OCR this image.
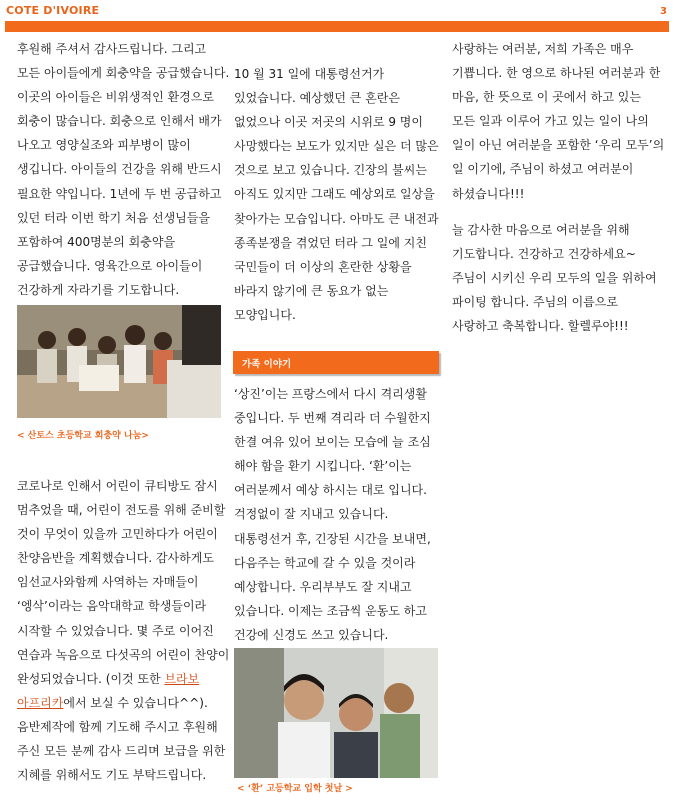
COTE D'IVOIRE	3

후원해 주셔서 감사드립니다. 그리고
모든 아이들에게 회충약을 공급했습니다.
이곳의 아이들은 비위생적인 환경으로
회충이 많습니다. 회충으로 인해서 배가
나오고 영양실조와 피부병이 많이
생깁니다. 아이들의 건강을 위해 반드시
필요한 약입니다. 1년에 두 번 공급하고
있던 터라 이번 학기 처음 선생님들을
포함하여 400명분의 회충약을
공급했습니다. 영육간으로 아이들이
건강하게 자라기를 기도합니다.

< 산토스 초등학교 회충약 나눔>

코로나로 인해서 어린이 큐티방도 잠시
멈추었을 때, 어린이 전도를 위해 준비할
것이 무엇이 있을까 고민하다가 어린이
찬양음반을 계획했습니다. 감사하게도
임선교사와함께 사역하는 자매들이
‘엥삭’이라는 음악대학교 학생들이라
시작할 수 있었습니다. 몇 주로 이어진
연습과 녹음으로 다섯곡의 어린이 찬양이
완성되었습니다. (이것 또한 브라보
아프리카에서 보실 수 있습니다^^).
음반제작에 함께 기도해 주시고 후원해
주신 모든 분께 감사 드리며 보급을 위한
지혜를 위해서도 기도 부탁드립니다.

10 월 31 일에 대통령선거가
있었습니다. 예상했던 큰 혼란은
없었으나 이곳 저곳의 시위로 9 명이
사망했다는 보도가 있지만 실은 더 많은
것으로 보고 있습니다. 긴장의 불씨는
아직도 있지만 그래도 예상외로 일상을
찾아가는 모습입니다. 아마도 큰 내전과
종족분쟁을 겪었던 터라 그 일에 지친
국민들이 더 이상의 혼란한 상황을
바라지 않기에 큰 동요가 없는
모양입니다.

가족 이야기

‘상진’이는 프랑스에서 다시 격리생활
중입니다. 두 번째 격리라 더 수월한지
한결 여유 있어 보이는 모습에 늘 조심
해야 함을 환기 시킵니다. ‘환’이는
여러분께서 예상 하시는 대로 입니다.
걱정없이 잘 지내고 있습니다.
대통령선거 후, 긴장된 시간을 보내면,
다음주는 학교에 갈 수 있을 것이라
예상합니다. 우리부부도 잘 지내고
있습니다. 이제는 조금씩 운동도 하고
건강에 신경도 쓰고 있습니다.

< ‘환’ 고등학교 입학 첫날 >

사랑하는 여러분, 저희 가족은 매우
기쁩니다. 한 영으로 하나된 여러분과 한
마음, 한 뜻으로 이 곳에서 하고 있는
모든 일과 이루어 가고 있는 일이 나의
일이 아닌 여러분을 포함한 ‘우리 모두’의
일 이기에, 주님이 하셨고 여러분이
하셨습니다!!!

늘 감사한 마음으로 여러분을 위해
기도합니다. 건강하고 건강하세요~
주님이 시키신 우리 모두의 일을 위하여
파이팅 합니다. 주님의 이름으로
사랑하고 축복합니다. 할렐루야!!!
